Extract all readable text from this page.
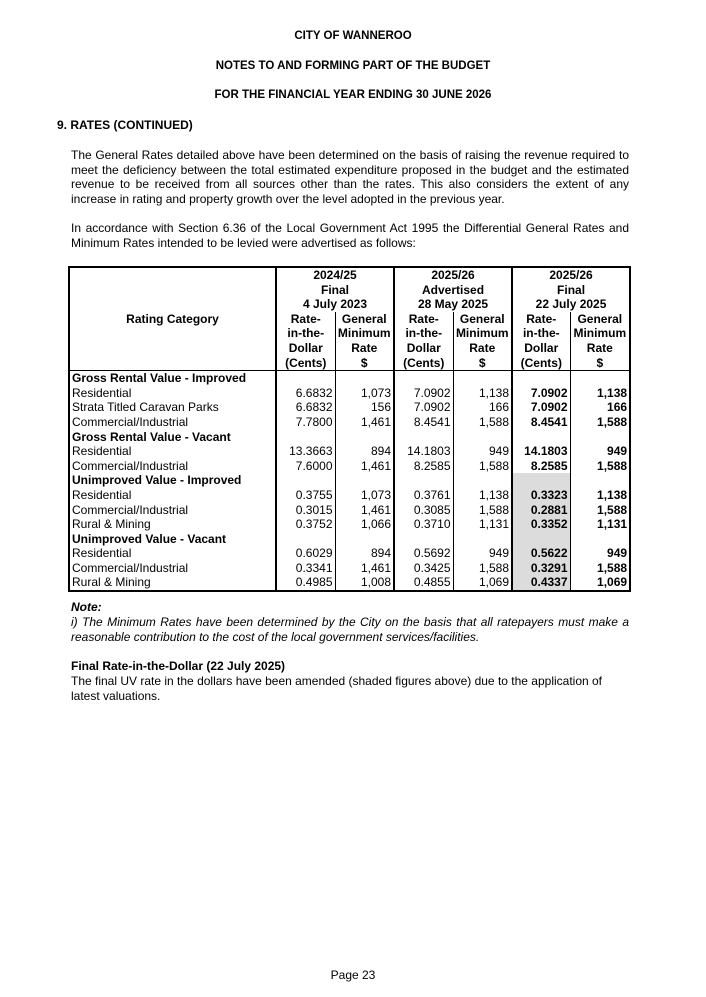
CITY OF WANNEROO
NOTES TO AND FORMING PART OF THE BUDGET
FOR THE FINANCIAL YEAR ENDING 30 JUNE 2026
9. RATES (CONTINUED)
The General Rates detailed above have been determined on the basis of raising the revenue required to meet the deficiency between the total estimated expenditure proposed in the budget and the estimated revenue to be received from all sources other than the rates. This also considers the extent of any increase in rating and property growth over the level adopted in the previous year.
In accordance with Section 6.36 of the Local Government Act 1995 the Differential General Rates and Minimum Rates intended to be levied were advertised as follows:
	2024/25		2025/26		2025/26	
	Final		Advertised		Final	
	4 July 2023		28 May 2025		22 July 2025	
Rating Category	Rate-	General	Rate-	General	Rate-	General
	in-the-	Minimum	in-the-	Minimum	in-the-	Minimum
	Dollar	Rate	Dollar	Rate	Dollar	Rate
	(Cents)	$	(Cents)	$	(Cents)	$
Gross Rental Value - Improved						
Residential	6.6832	1,073	7.0902	1,138	7.0902	1,138
Strata Titled Caravan Parks	6.6832	156	7.0902	166	7.0902	166
Commercial/Industrial	7.7800	1,461	8.4541	1,588	8.4541	1,588
Gross Rental Value - Vacant						
Residential	13.3663	894	14.1803	949	14.1803	949
Commercial/Industrial	7.6000	1,461	8.2585	1,588	8.2585	1,588
Unimproved Value - Improved						
Residential	0.3755	1,073	0.3761	1,138	0.3323	1,138
Commercial/Industrial	0.3015	1,461	0.3085	1,588	0.2881	1,588
Rural & Mining	0.3752	1,066	0.3710	1,131	0.3352	1,131
Unimproved Value - Vacant						
Residential	0.6029	894	0.5692	949	0.5622	949
Commercial/Industrial	0.3341	1,461	0.3425	1,588	0.3291	1,588
Rural & Mining	0.4985	1,008	0.4855	1,069	0.4337	1,069
Note:
i) The Minimum Rates have been determined by the City on the basis that all ratepayers must make a reasonable contribution to the cost of the local government services/facilities.
Final Rate-in-the-Dollar (22 July 2025)
The final UV rate in the dollars have been amended (shaded figures above) due to the application of latest valuations.
Page 23
